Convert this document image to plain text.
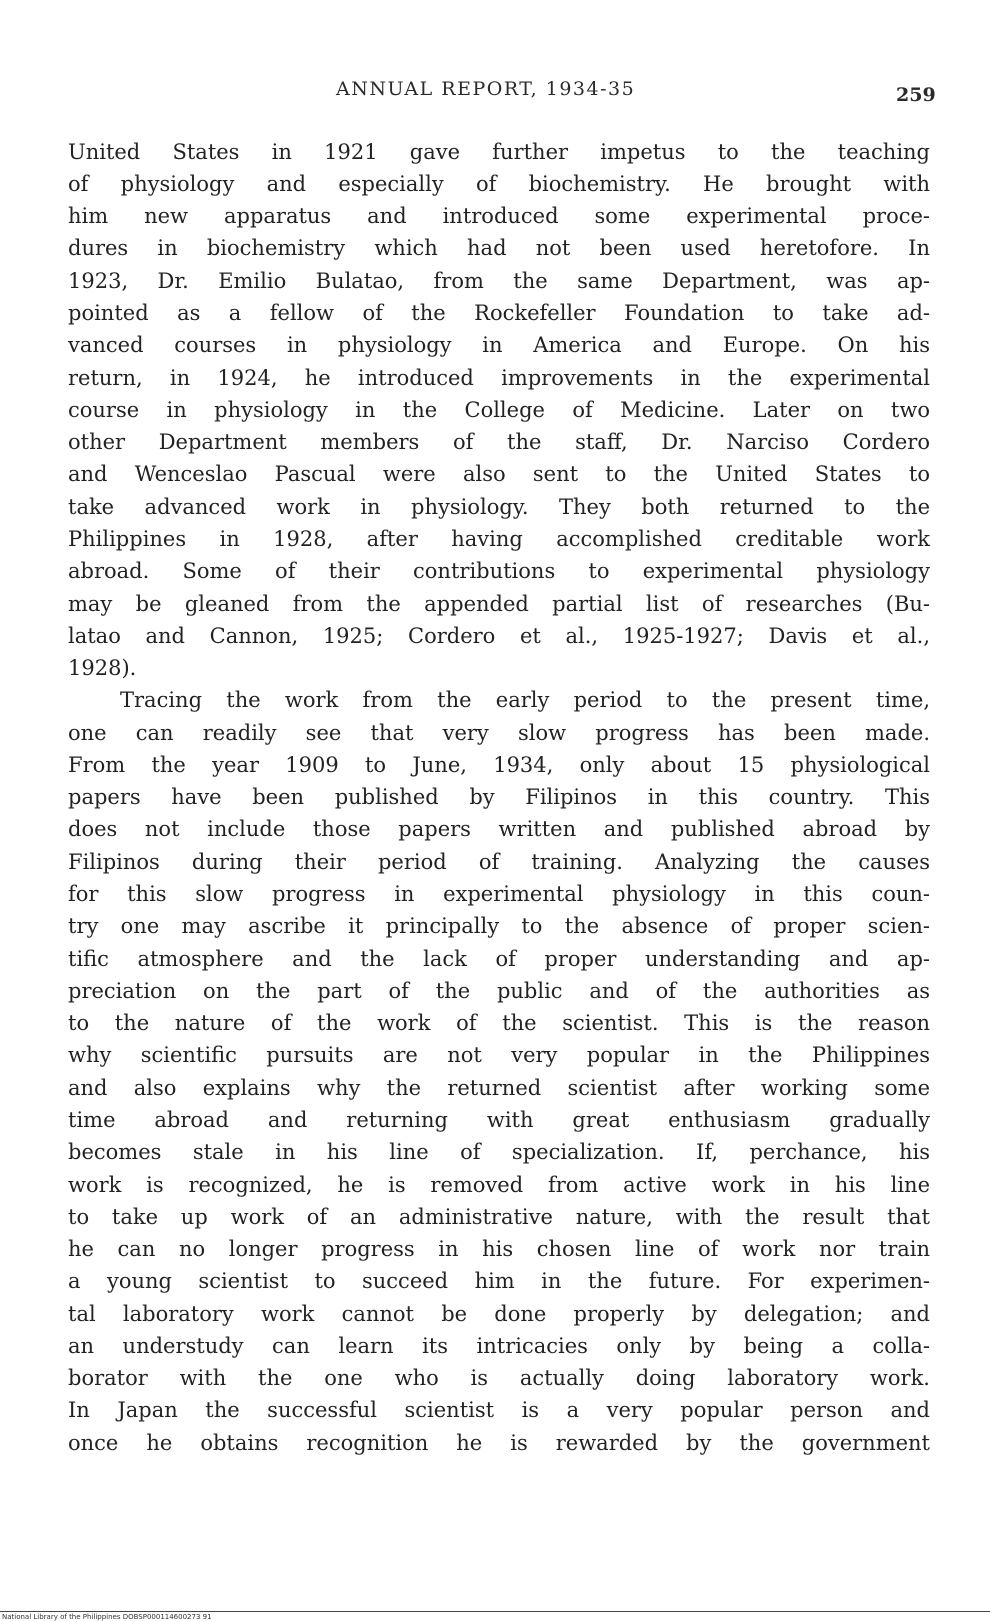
ANNUAL REPORT, 1934-35	259
United States in 1921 gave further impetus to the teaching
of physiology and especially of biochemistry. He brought with
him new apparatus and introduced some experimental proce-
dures in biochemistry which had not been used heretofore. In
1923, Dr. Emilio Bulatao, from the same Department, was ap-
pointed as a fellow of the Rockefeller Foundation to take ad-
vanced courses in physiology in America and Europe. On his
return, in 1924, he introduced improvements in the experimental
course in physiology in the College of Medicine. Later on two
other Department members of the staff, Dr. Narciso Cordero
and Wenceslao Pascual were also sent to the United States to
take advanced work in physiology. They both returned to the
Philippines in 1928, after having accomplished creditable work
abroad. Some of their contributions to experimental physiology
may be gleaned from the appended partial list of researches (Bu-
latao and Cannon, 1925; Cordero et al., 1925-1927; Davis et al.,
1928).
Tracing the work from the early period to the present time,
one can readily see that very slow progress has been made.
From the year 1909 to June, 1934, only about 15 physiological
papers have been published by Filipinos in this country. This
does not include those papers written and published abroad by
Filipinos during their period of training. Analyzing the causes
for this slow progress in experimental physiology in this coun-
try one may ascribe it principally to the absence of proper scien-
tific atmosphere and the lack of proper understanding and ap-
preciation on the part of the public and of the authorities as
to the nature of the work of the scientist. This is the reason
why scientific pursuits are not very popular in the Philippines
and also explains why the returned scientist after working some
time abroad and returning with great enthusiasm gradually
becomes stale in his line of specialization. If, perchance, his
work is recognized, he is removed from active work in his line
to take up work of an administrative nature, with the result that
he can no longer progress in his chosen line of work nor train
a young scientist to succeed him in the future. For experimen-
tal laboratory work cannot be done properly by delegation; and
an understudy can learn its intricacies only by being a colla-
borator with the one who is actually doing laboratory work.
In Japan the successful scientist is a very popular person and
once he obtains recognition he is rewarded by the government
National Library of the Philippines DOBSP000114600273 91
